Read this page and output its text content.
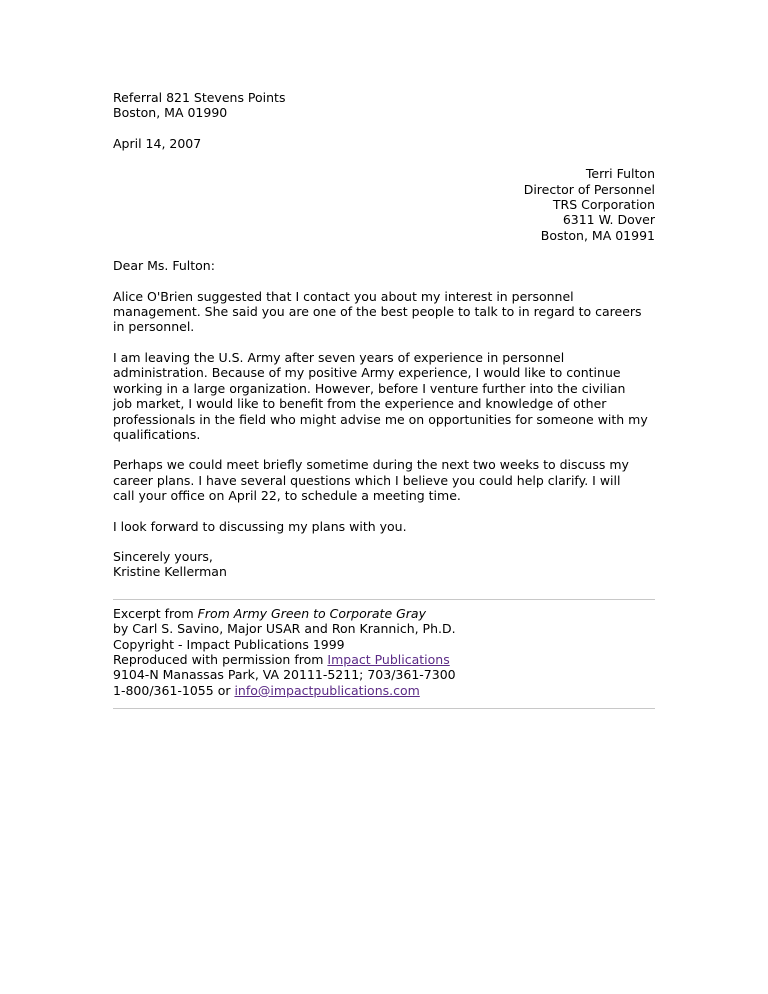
Referral 821 Stevens Points
Boston, MA 01990
April 14, 2007
Terri Fulton
Director of Personnel
TRS Corporation
6311 W. Dover
Boston, MA 01991
Dear Ms. Fulton:
Alice O'Brien suggested that I contact you about my interest in personnel
management. She said you are one of the best people to talk to in regard to careers
in personnel.
I am leaving the U.S. Army after seven years of experience in personnel
administration. Because of my positive Army experience, I would like to continue
working in a large organization. However, before I venture further into the civilian
job market, I would like to benefit from the experience and knowledge of other
professionals in the field who might advise me on opportunities for someone with my
qualifications.
Perhaps we could meet briefly sometime during the next two weeks to discuss my
career plans. I have several questions which I believe you could help clarify. I will
call your office on April 22, to schedule a meeting time.
I look forward to discussing my plans with you.
Sincerely yours,
Kristine Kellerman
Excerpt from From Army Green to Corporate Gray
by Carl S. Savino, Major USAR and Ron Krannich, Ph.D.
Copyright - Impact Publications 1999
Reproduced with permission from Impact Publications
9104-N Manassas Park, VA 20111-5211; 703/361-7300
1-800/361-1055 or info@impactpublications.com
